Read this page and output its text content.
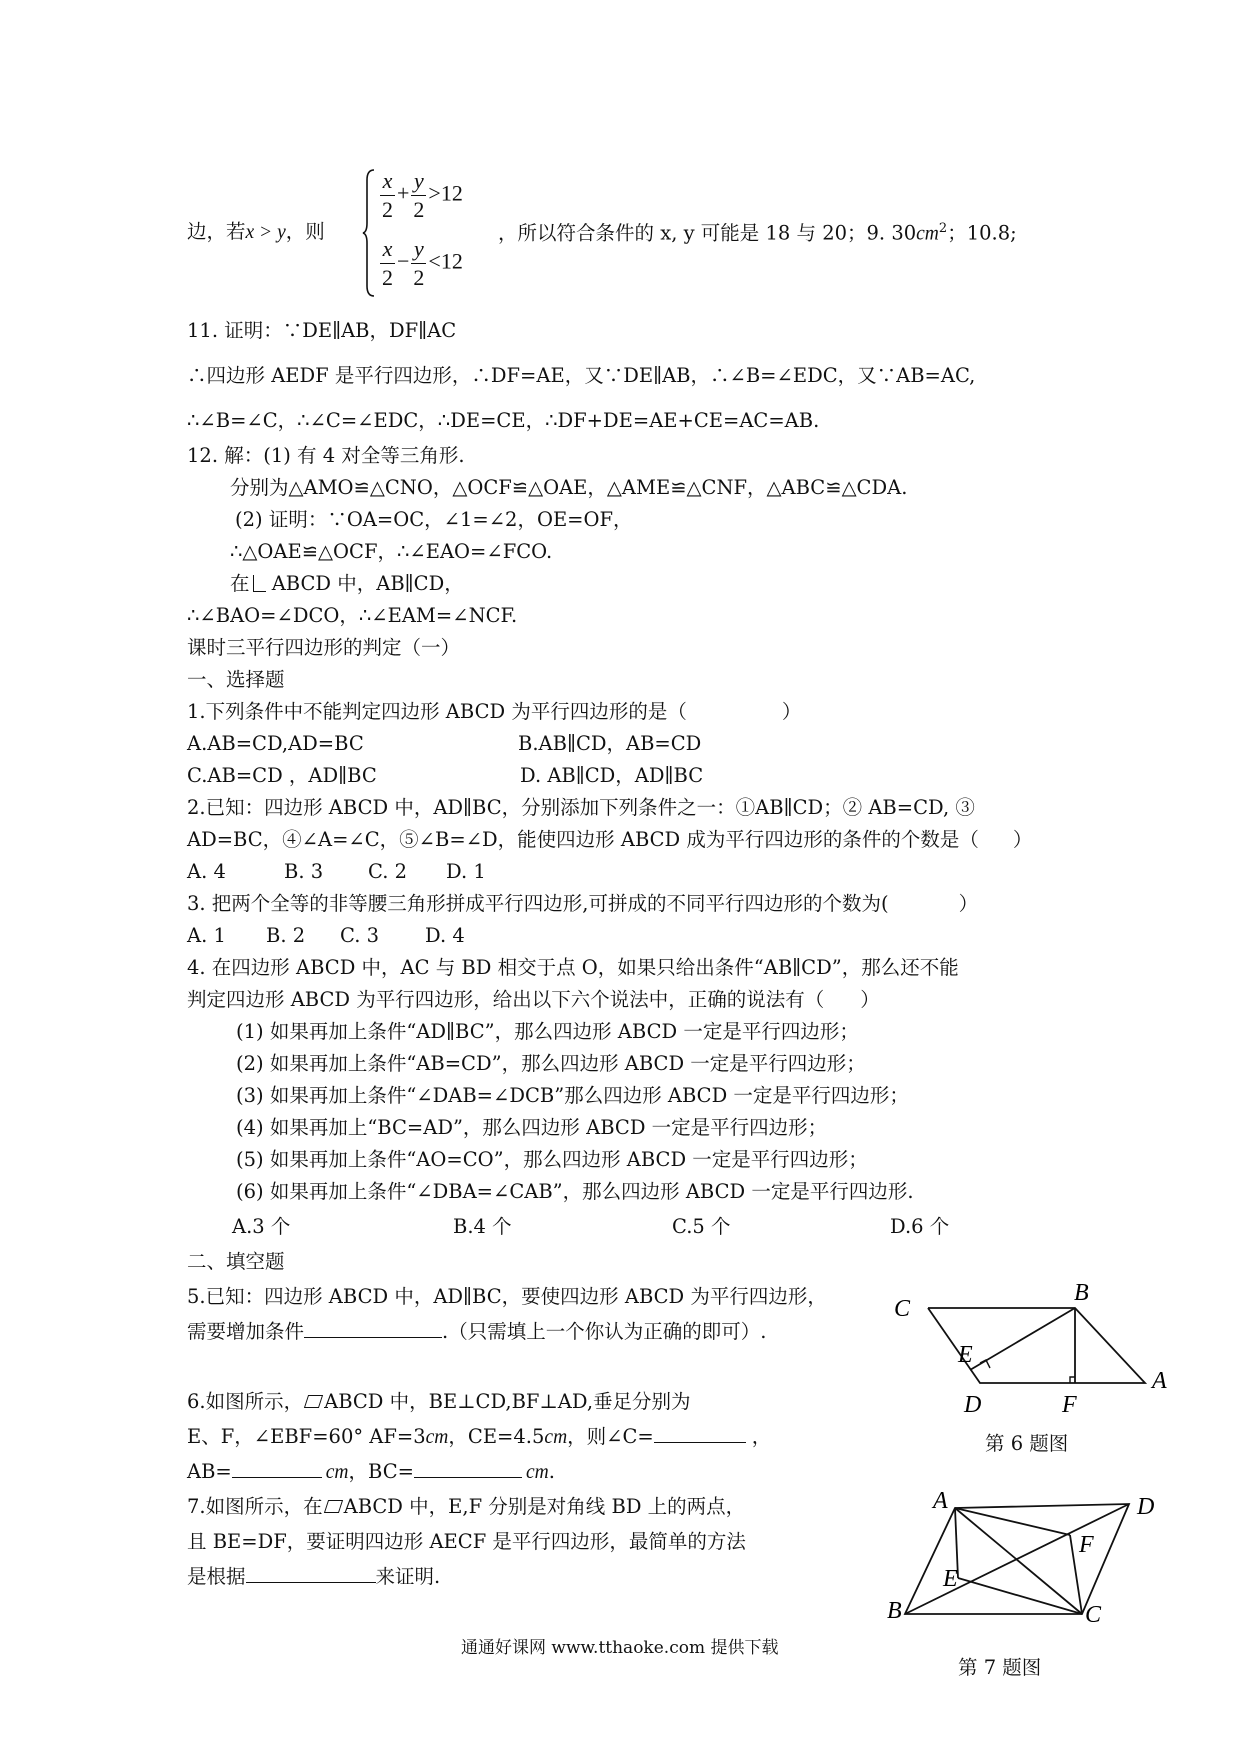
边，若x > y，则
$\frac{x}{2} + \frac{y}{2} >12$
$\frac{x}{2} - \frac{y}{2} <12$
，所以符合条件的 x, y 可能是 18 与 20；9. $30cm^2$；10.8;
11. 证明：∵DE∥AB，DF∥AC
∴四边形 AEDF 是平行四边形，∴DF=AE，又∵DE∥AB，∴∠B=∠EDC，又∵AB=AC,
∴∠B=∠C，∴∠C=∠EDC，∴DE=CE，∴DF+DE=AE+CE=AC=AB.
12. 解：(1) 有 4 对全等三角形.
分别为△AMO≌△CNO，△OCF≌△OAE，△AME≌△CNF，△ABC≌△CDA.
(2) 证明：∵OA=OC，∠1=∠2，OE=OF，
∴△OAE≌△OCF，∴∠EAO=∠FCO.
在 ABCD 中，AB∥CD，
∴∠BAO=∠DCO，∴∠EAM=∠NCF.
课时三平行四边形的判定（一）
一、选择题
1.下列条件中不能判定四边形 ABCD 为平行四边形的是（	）
A.AB=CD,AD=BC	B.AB∥CD，AB=CD
C.AB=CD ，AD∥BC	D. AB∥CD，AD∥BC
2.已知：四边形 ABCD 中，AD∥BC，分别添加下列条件之一：①AB∥CD；② AB=CD, ③
AD=BC，④∠A=∠C，⑤∠B=∠D，能使四边形 ABCD 成为平行四边形的条件的个数是（ ）
A. 4	B. 3 C. 2 D. 1
3. 把两个全等的非等腰三角形拼成平行四边形,可拼成的不同平行四边形的个数为(	）
A. 1 B. 2 C. 3 D. 4
4. 在四边形 ABCD 中，AC 与 BD 相交于点 O，如果只给出条件“AB∥CD”，那么还不能
判定四边形 ABCD 为平行四边形，给出以下六个说法中，正确的说法有（ ）
(1) 如果再加上条件“AD∥BC”，那么四边形 ABCD 一定是平行四边形；
(2) 如果再加上条件“AB=CD”，那么四边形 ABCD 一定是平行四边形；
(3) 如果再加上条件“∠DAB=∠DCB”那么四边形 ABCD 一定是平行四边形；
(4) 如果再加上“BC=AD”，那么四边形 ABCD 一定是平行四边形；
(5) 如果再加上条件“AO=CO”，那么四边形 ABCD 一定是平行四边形；
(6) 如果再加上条件“∠DBA=∠CAB”，那么四边形 ABCD 一定是平行四边形.
A.3 个	B.4 个	C.5 个	D.6 个
二、填空题
5.已知：四边形 ABCD 中，AD∥BC，要使四边形 ABCD 为平行四边形，
需要增加条件	.（只需填上一个你认为正确的即可）.
6.如图所示， ABCD 中，BE⊥CD,BF⊥AD,垂足分别为
E、F，∠EBF=60° AF=3cm，CE=4.5cm，则∠C=	，
AB=	cm，BC=	cm.
7.如图所示，在 ABCD 中，E,F 分别是对角线 BD 上的两点，
且 BE=DF，要证明四边形 AECF 是平行四边形，最简单的方法
是根据	来证明.
C
B
E
A
D	F
第 6 题图
A	D
F
E
B	C
第 7 题图
通通好课网 www.tthaoke.com 提供下载
